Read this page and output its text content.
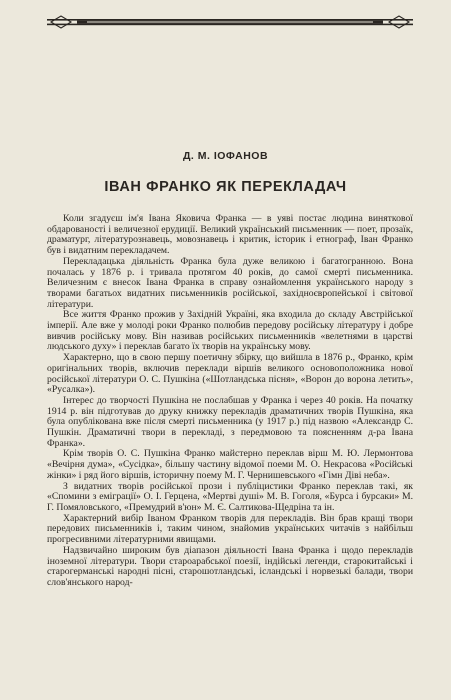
Д. М. ІОФАНОВ
ІВАН ФРАНКО ЯК ПЕРЕКЛАДАЧ

Коли згадуєш ім'я Івана Яковича Франка — в уяві постає людина виняткової обдарованості і величезної ерудиції. Великий український письменник — поет, прозаїк, драматург, літературознавець, мовознавець і критик, історик і етнограф, Іван Франко був і видатним перекладачем.

Перекладацька діяльність Франка була дуже великою і багатогранною. Вона почалась у 1876 р. і тривала протягом 40 років, до самої смерті письменника. Величезним є внесок Івана Франка в справу ознайомлення українського народу з творами багатьох видатних письменників російської, західноєвропейської і світової літератури.

Все життя Франко прожив у Західній Україні, яка входила до складу Австрійської імперії. Але вже у молоді роки Франко полюбив передову російську літературу і добре вивчив російську мову. Він називав російських письменників «велетнями в царстві людського духу» і переклав багато їх творів на українську мову.

Характерно, що в свою першу поетичну збірку, що вийшла в 1876 р., Франко, крім оригінальних творів, включив переклади віршів великого основоположника нової російської літератури О. С. Пушкіна («Шотландська пісня», «Ворон до ворона летить», «Русалка»).

Інтерес до творчості Пушкіна не послабшав у Франка і через 40 років. На початку 1914 р. він підготував до друку книжку перекладів драматичних творів Пушкіна, яка була опублікована вже після смерті письменника (у 1917 р.) під назвою «Александр С. Пушкін. Драматичні твори в перекладі, з передмовою та поясненням д-ра Івана Франка».

Крім творів О. С. Пушкіна Франко майстерно переклав вірш М. Ю. Лермонтова «Вечірня дума», «Сусідка», більшу частину відомої поеми М. О. Некрасова «Російські жінки» і ряд його віршів, історичну поему М. Г. Чернишевського «Гімн Діві неба».

З видатних творів російської прози і публіцистики Франко переклав такі, як «Спомини з еміграції» О. І. Герцена, «Мертві душі» М. В. Гоголя, «Бурса і бурсаки» М. Г. Помяловського, «Премудрий в'юн» М. Є. Салтикова-Щедріна та ін.

Характерний вибір Іваном Франком творів для перекладів. Він брав кращі твори передових письменників і, таким чином, знайомив українських читачів з найбільш прогресивними літературними явищами.

Надзвичайно широким був діапазон діяльності Івана Франка і щодо перекладів іноземної літератури. Твори староарабської поезії, індійські легенди, старокитайські і старогерманські народні пісні, старошотландські, ісландські і норвезькі балади, твори слов'янського народ-
